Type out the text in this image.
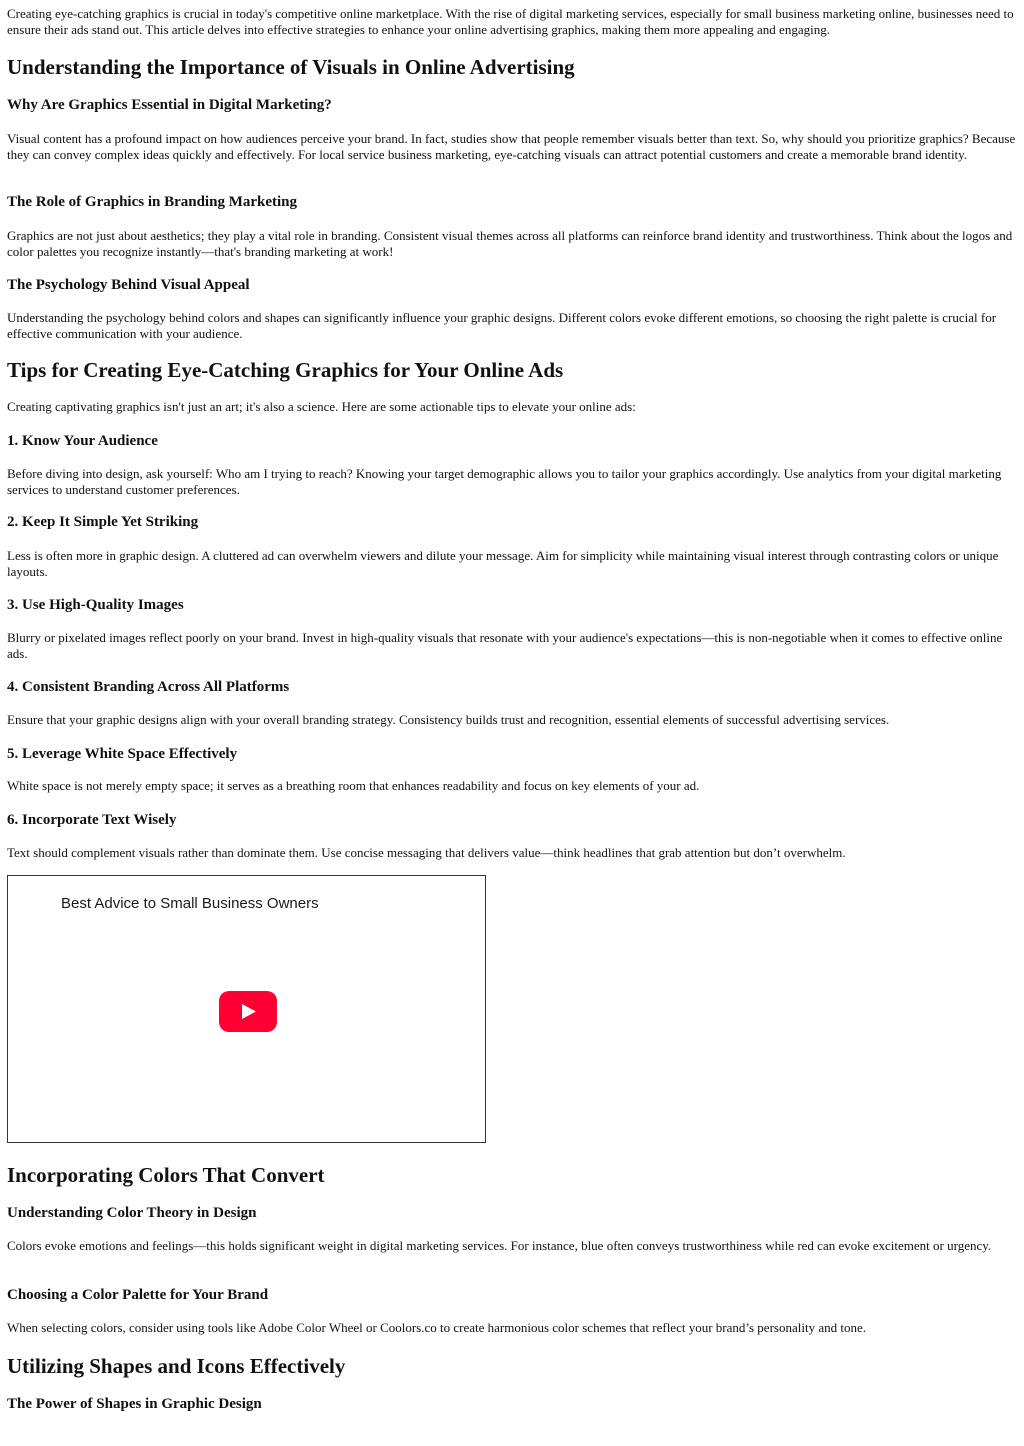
Creating eye-catching graphics is crucial in today's competitive online marketplace. With the rise of digital marketing services, especially for small business marketing online, businesses need to ensure their ads stand out. This article delves into effective strategies to enhance your online advertising graphics, making them more appealing and engaging.

Understanding the Importance of Visuals in Online Advertising
Why Are Graphics Essential in Digital Marketing?

Visual content has a profound impact on how audiences perceive your brand. In fact, studies show that people remember visuals better than text. So, why should you prioritize graphics? Because they can convey complex ideas quickly and effectively. For local service business marketing, eye-catching visuals can attract potential customers and create a memorable brand identity.

The Role of Graphics in Branding Marketing

Graphics are not just about aesthetics; they play a vital role in branding. Consistent visual themes across all platforms can reinforce brand identity and trustworthiness. Think about the logos and color palettes you recognize instantly—that's branding marketing at work!

The Psychology Behind Visual Appeal

Understanding the psychology behind colors and shapes can significantly influence your graphic designs. Different colors evoke different emotions, so choosing the right palette is crucial for effective communication with your audience.

Tips for Creating Eye-Catching Graphics for Your Online Ads

Creating captivating graphics isn't just an art; it's also a science. Here are some actionable tips to elevate your online ads:

1. Know Your Audience

Before diving into design, ask yourself: Who am I trying to reach? Knowing your target demographic allows you to tailor your graphics accordingly. Use analytics from your digital marketing services to understand customer preferences.

2. Keep It Simple Yet Striking

Less is often more in graphic design. A cluttered ad can overwhelm viewers and dilute your message. Aim for simplicity while maintaining visual interest through contrasting colors or unique layouts.

3. Use High-Quality Images

Blurry or pixelated images reflect poorly on your brand. Invest in high-quality visuals that resonate with your audience's expectations—this is non-negotiable when it comes to effective online ads.

4. Consistent Branding Across All Platforms

Ensure that your graphic designs align with your overall branding strategy. Consistency builds trust and recognition, essential elements of successful advertising services.

5. Leverage White Space Effectively

White space is not merely empty space; it serves as a breathing room that enhances readability and focus on key elements of your ad.

6. Incorporate Text Wisely

Text should complement visuals rather than dominate them. Use concise messaging that delivers value—think headlines that grab attention but don’t overwhelm.

Best Advice to Small Business Owners
Incorporating Colors That Convert
Understanding Color Theory in Design

Colors evoke emotions and feelings—this holds significant weight in digital marketing services. For instance, blue often conveys trustworthiness while red can evoke excitement or urgency.

Choosing a Color Palette for Your Brand

When selecting colors, consider using tools like Adobe Color Wheel or Coolors.co to create harmonious color schemes that reflect your brand’s personality and tone.

Utilizing Shapes and Icons Effectively
The Power of Shapes in Graphic Design
